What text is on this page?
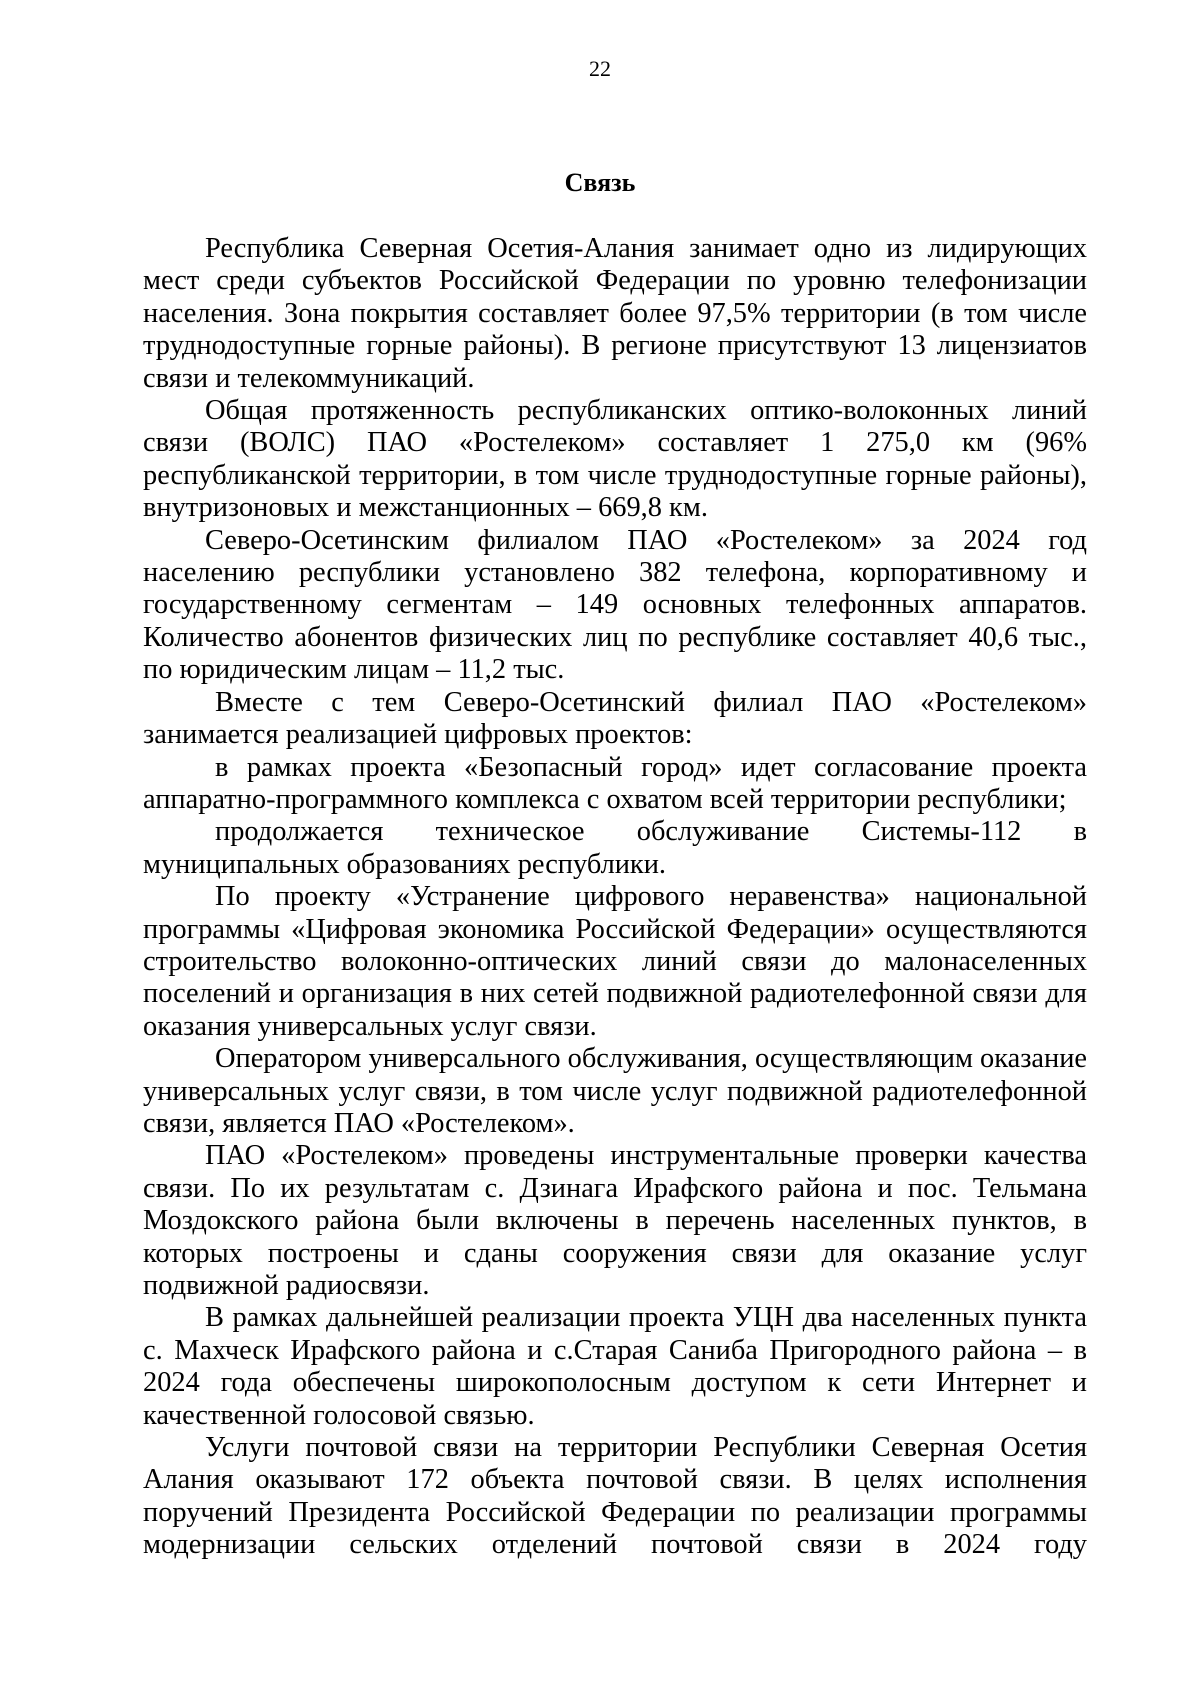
22
Связь

Республика Северная Осетия-Алания занимает одно из лидирующих мест среди субъектов Российской Федерации по уровню телефонизации населения. Зона покрытия составляет более 97,5% территории (в том числе труднодоступные горные районы). В регионе присутствуют 13 лицензиатов связи и телекоммуникаций.

Общая протяженность республиканских оптико-волоконных линий связи (ВОЛС) ПАО «Ростелеком» составляет 1 275,0 км (96% республиканской территории, в том числе труднодоступные горные районы), внутризоновых и межстанционных – 669,8 км.

Северо-Осетинским филиалом ПАО «Ростелеком» за 2024 год населению республики установлено 382 телефона, корпоративному и государственному сегментам – 149 основных телефонных аппаратов. Количество абонентов физических лиц по республике составляет 40,6 тыс., по юридическим лицам – 11,2 тыс.

Вместе с тем Северо-Осетинский филиал ПАО «Ростелеком» занимается реализацией цифровых проектов:

в рамках проекта «Безопасный город» идет согласование проекта аппаратно-программного комплекса с охватом всей территории республики;

продолжается техническое обслуживание Системы-112 в муниципальных образованиях республики.

По проекту «Устранение цифрового неравенства» национальной программы «Цифровая экономика Российской Федерации» осуществляются строительство волоконно-оптических линий связи до малонаселенных поселений и организация в них сетей подвижной радиотелефонной связи для оказания универсальных услуг связи.

Оператором универсального обслуживания, осуществляющим оказание универсальных услуг связи, в том числе услуг подвижной радиотелефонной связи, является ПАО «Ростелеком».

ПАО «Ростелеком» проведены инструментальные проверки качества связи. По их результатам с. Дзинага Ирафского района и пос. Тельмана Моздокского района были включены в перечень населенных пунктов, в которых построены и сданы сооружения связи для оказание услуг подвижной радиосвязи.

В рамках дальнейшей реализации проекта УЦН два населенных пункта с. Махческ Ирафского района и с.Старая Саниба Пригородного района – в 2024 года обеспечены широкополосным доступом к сети Интернет и качественной голосовой связью.

Услуги почтовой связи на территории Республики Северная Осетия Алания оказывают 172 объекта почтовой связи. В целях исполнения поручений Президента Российской Федерации по реализации программы модернизации сельских отделений почтовой связи в 2024 году
